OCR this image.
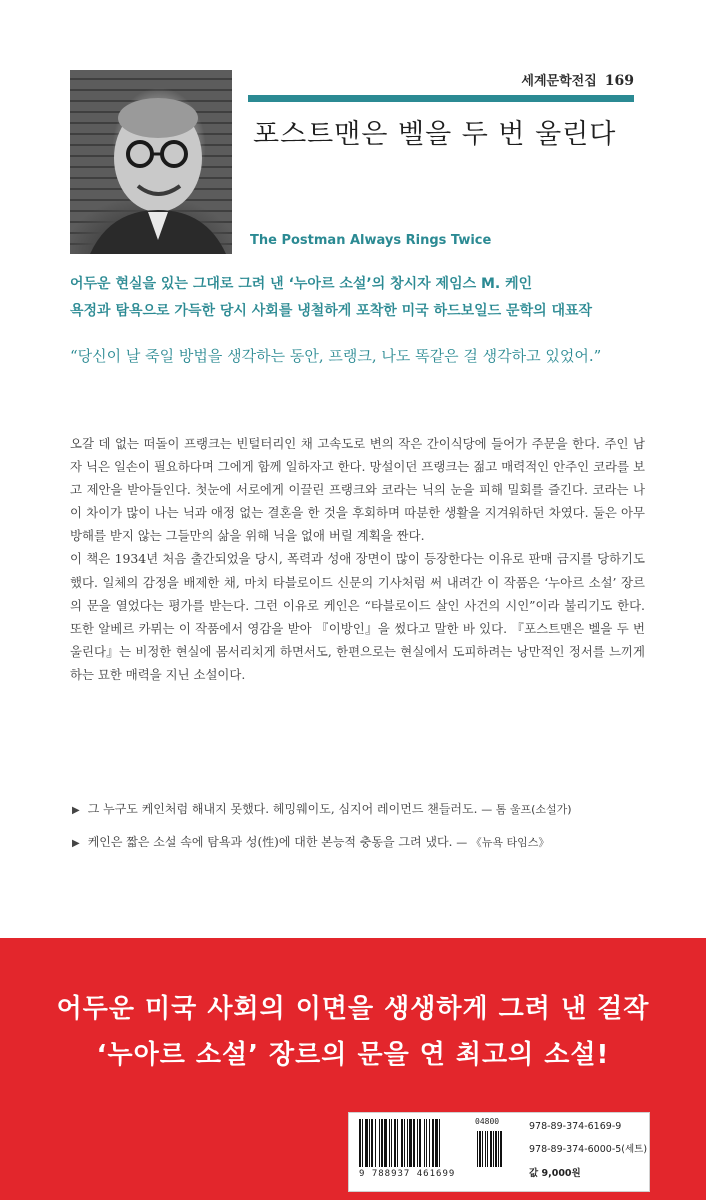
세계문학전집 169
포스트맨은 벨을 두 번 울린다
The Postman Always Rings Twice
어두운 현실을 있는 그대로 그려 낸 ‘누아르 소설’의 창시자 제임스 M. 케인
욕정과 탐욕으로 가득한 당시 사회를 냉철하게 포착한 미국 하드보일드 문학의 대표작
“당신이 날 죽일 방법을 생각하는 동안, 프랭크, 나도 똑같은 걸 생각하고 있었어.”

오갈 데 없는 떠돌이 프랭크는 빈털터리인 채 고속도로 변의 작은 간이식당에 들어가 주문을 한다. 주인 남자 닉은 일손이 필요하다며 그에게 함께 일하자고 한다. 망설이던 프랭크는 젊고 매력적인 안주인 코라를 보고 제안을 받아들인다. 첫눈에 서로에게 이끌린 프랭크와 코라는 닉의 눈을 피해 밀회를 즐긴다. 코라는 나이 차이가 많이 나는 닉과 애정 없는 결혼을 한 것을 후회하며 따분한 생활을 지겨워하던 차였다. 둘은 아무 방해를 받지 않는 그들만의 삶을 위해 닉을 없애 버릴 계획을 짠다.

이 책은 1934년 처음 출간되었을 당시, 폭력과 성애 장면이 많이 등장한다는 이유로 판매 금지를 당하기도 했다. 일체의 감정을 배제한 채, 마치 타블로이드 신문의 기사처럼 써 내려간 이 작품은 ‘누아르 소설’ 장르의 문을 열었다는 평가를 받는다. 그런 이유로 케인은 “타블로이드 살인 사건의 시인”이라 불리기도 한다. 또한 알베르 카뮈는 이 작품에서 영감을 받아 『이방인』을 썼다고 말한 바 있다. 『포스트맨은 벨을 두 번 울린다』는 비정한 현실에 몸서리치게 하면서도, 한편으로는 현실에서 도피하려는 낭만적인 정서를 느끼게 하는 묘한 매력을 지닌 소설이다.

▶ 그 누구도 케인처럼 해내지 못했다. 헤밍웨이도, 심지어 레이먼드 챈들러도. — 톰 울프(소설가)
▶ 케인은 짧은 소설 속에 탐욕과 성(性)에 대한 본능적 충동을 그려 냈다. — 《뉴욕 타임스》
어두운 미국 사회의 이면을 생생하게 그려 낸 걸작
‘누아르 소설’ 장르의 문을 연 최고의 소설!
04800
9 788937 461699
978-89-374-6169-9
978-89-374-6000-5(세트)
값 9,000원
